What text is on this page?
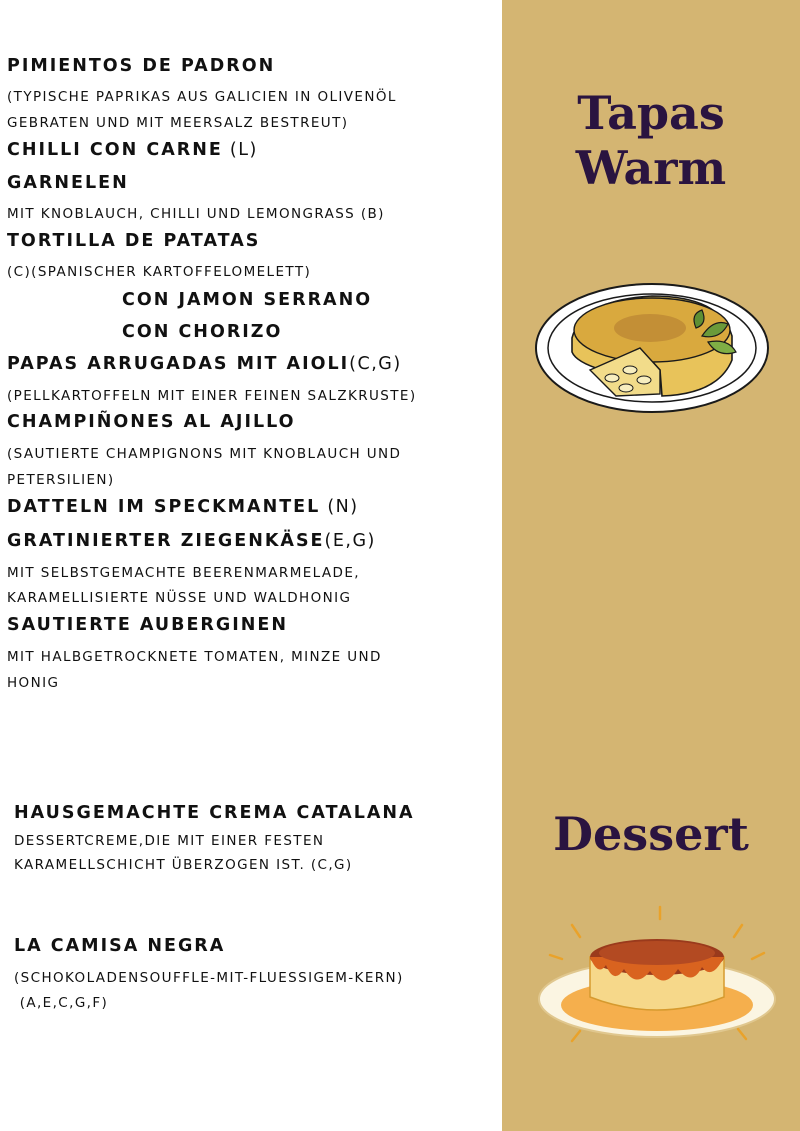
Tapas
Warm
Dessert
PIMIENTOS DE PADRON
(TYPISCHE PAPRIKAS AUS GALICIEN IN OLIVENÖL
GEBRATEN UND MIT MEERSALZ BESTREUT)
CHILLI CON CARNE (L)
GARNELEN
MIT KNOBLAUCH, CHILLI UND LEMONGRASS (B)
TORTILLA DE PATATAS
(C)(SPANISCHER KARTOFFELOMELETT)
CON JAMON SERRANO
CON CHORIZO
PAPAS ARRUGADAS MIT AIOLI(C,G)
(PELLKARTOFFELN MIT EINER FEINEN SALZKRUSTE)
CHAMPIÑONES AL AJILLO
(SAUTIERTE CHAMPIGNONS MIT KNOBLAUCH UND
PETERSILIEN)
DATTELN IM SPECKMANTEL (N)
GRATINIERTER ZIEGENKÄSE(E,G)
MIT SELBSTGEMACHTE BEERENMARMELADE,
KARAMELLISIERTE NÜSSE UND WALDHONIG
SAUTIERTE AUBERGINEN
MIT HALBGETROCKNETE TOMATEN, MINZE UND
HONIG
HAUSGEMACHTE CREMA CATALANA
DESSERTCREME,DIE MIT EINER FESTEN
KARAMELLSCHICHT ÜBERZOGEN IST. (C,G)
LA CAMISA NEGRA
(SCHOKOLADENSOUFFLE-MIT-FLUESSIGEM-KERN)
(A,E,C,G,F)
